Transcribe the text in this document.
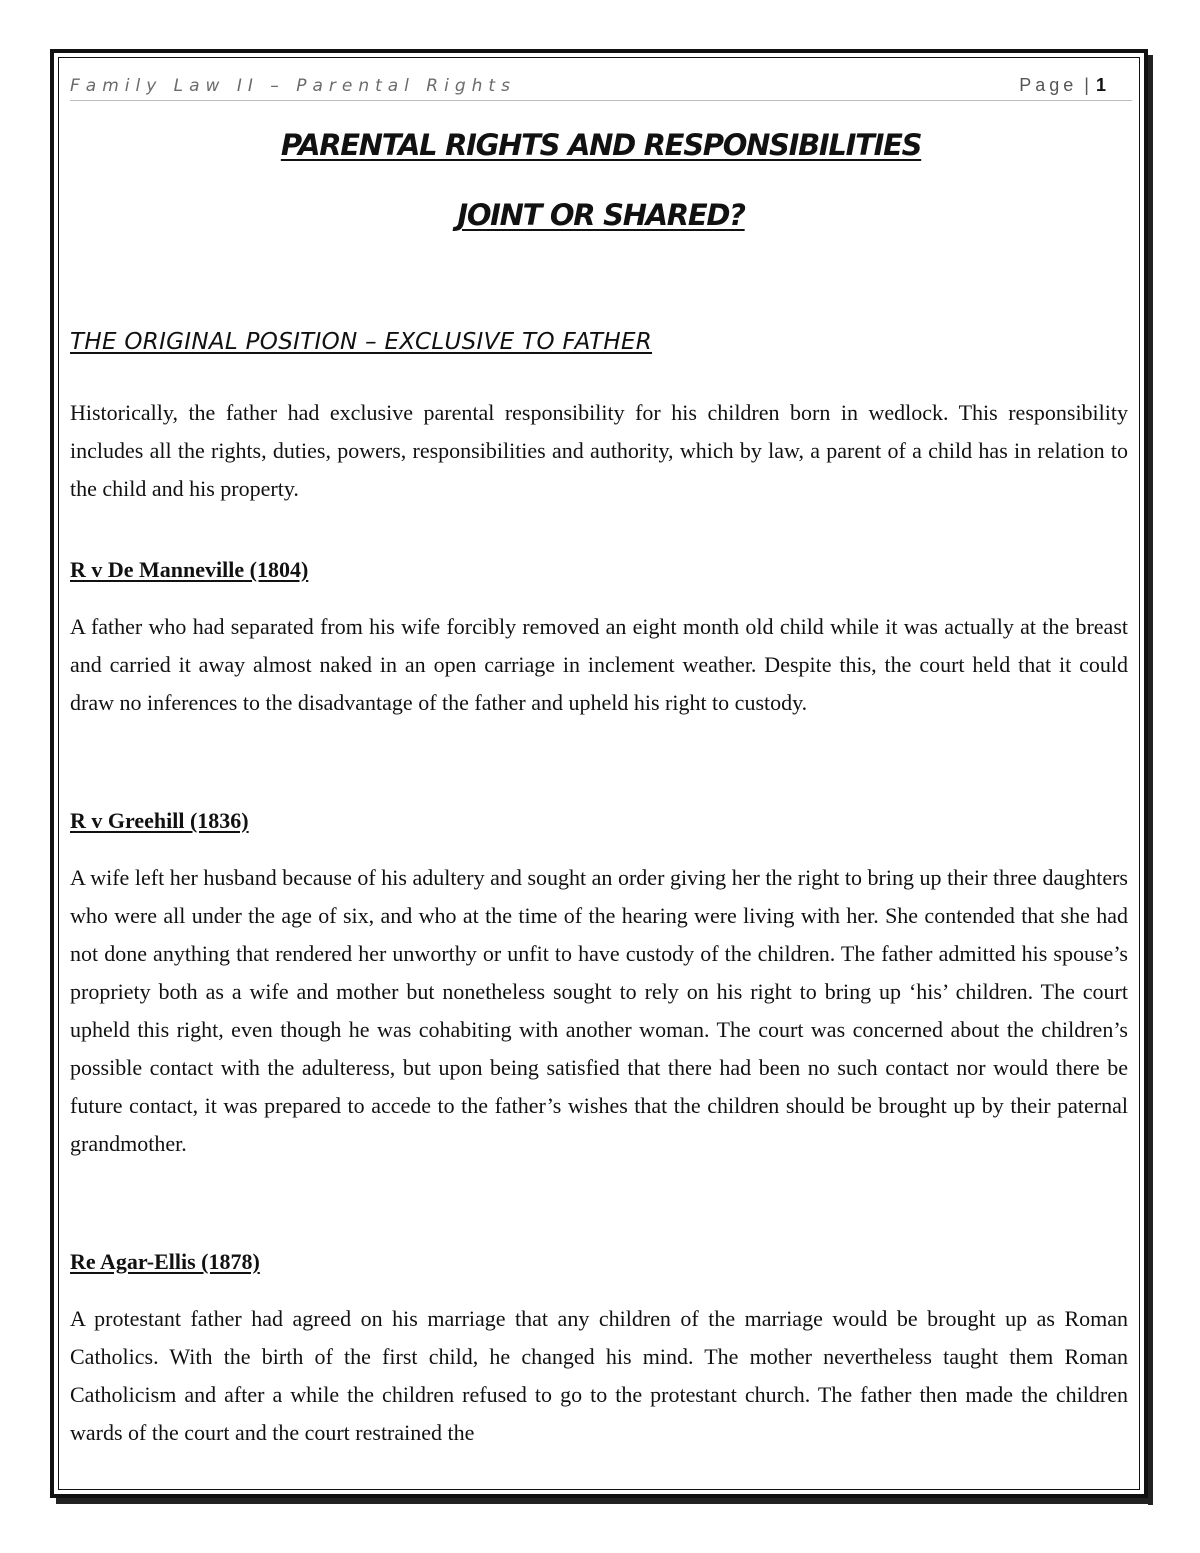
Family Law II – Parental Rights	Page | 1
PARENTAL RIGHTS AND RESPONSIBILITIES
JOINT OR SHARED?
THE ORIGINAL POSITION – EXCLUSIVE TO FATHER

Historically, the father had exclusive parental responsibility for his children born in wedlock. This responsibility includes all the rights, duties, powers, responsibilities and authority, which by law, a parent of a child has in relation to the child and his property.

R v De Manneville (1804)

A father who had separated from his wife forcibly removed an eight month old child while it was actually at the breast and carried it away almost naked in an open carriage in inclement weather. Despite this, the court held that it could draw no inferences to the disadvantage of the father and upheld his right to custody.

R v Greehill (1836)

A wife left her husband because of his adultery and sought an order giving her the right to bring up their three daughters who were all under the age of six, and who at the time of the hearing were living with her. She contended that she had not done anything that rendered her unworthy or unfit to have custody of the children. The father admitted his spouse’s propriety both as a wife and mother but nonetheless sought to rely on his right to bring up ‘his’ children. The court upheld this right, even though he was cohabiting with another woman. The court was concerned about the children’s possible contact with the adulteress, but upon being satisfied that there had been no such contact nor would there be future contact, it was prepared to accede to the father’s wishes that the children should be brought up by their paternal grandmother.

Re Agar-Ellis (1878)

A protestant father had agreed on his marriage that any children of the marriage would be brought up as Roman Catholics. With the birth of the first child, he changed his mind. The mother nevertheless taught them Roman Catholicism and after a while the children refused to go to the protestant church. The father then made the children wards of the court and the court restrained the
